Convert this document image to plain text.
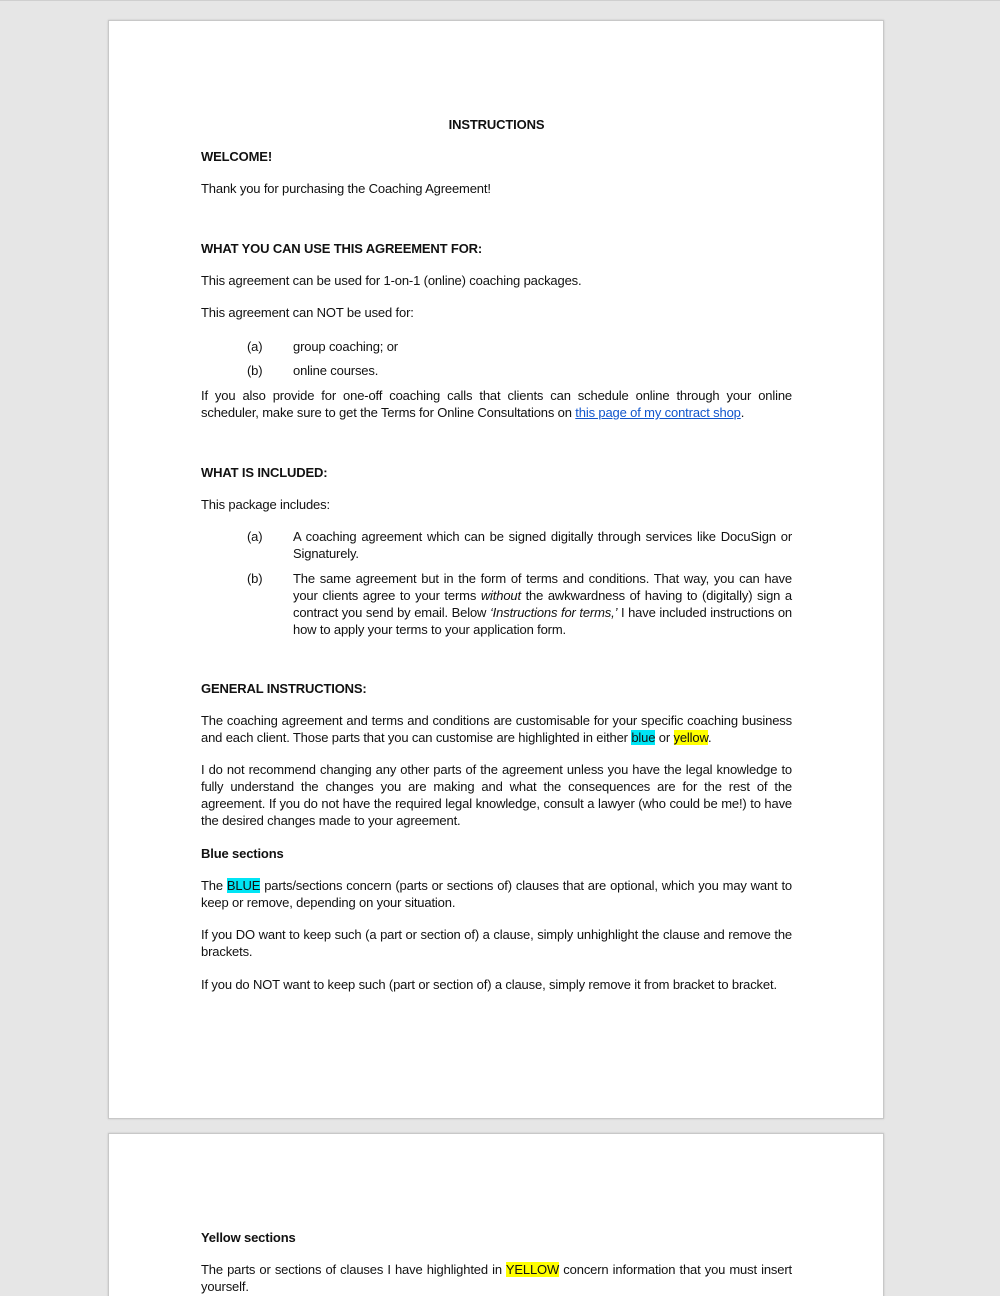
INSTRUCTIONS

WELCOME!

Thank you for purchasing the Coaching Agreement!

WHAT YOU CAN USE THIS AGREEMENT FOR:

This agreement can be used for 1-on-1 (online) coaching packages.

This agreement can NOT be used for:

(a)	group coaching; or
(b)	online courses.

If you also provide for one-off coaching calls that clients can schedule online through your online scheduler, make sure to get the Terms for Online Consultations on this page of my contract shop.

WHAT IS INCLUDED:

This package includes:

(a)	A coaching agreement which can be signed digitally through services like DocuSign or Signaturely.
(b)	The same agreement but in the form of terms and conditions. That way, you can have your clients agree to your terms without the awkwardness of having to (digitally) sign a contract you send by email. Below ‘Instructions for terms,’ I have included instructions on how to apply your terms to your application form.

GENERAL INSTRUCTIONS:

The coaching agreement and terms and conditions are customisable for your specific coaching business and each client. Those parts that you can customise are highlighted in either blue or yellow.

I do not recommend changing any other parts of the agreement unless you have the legal knowledge to fully understand the changes you are making and what the consequences are for the rest of the agreement. If you do not have the required legal knowledge, consult a lawyer (who could be me!) to have the desired changes made to your agreement.

Blue sections

The BLUE parts/sections concern (parts or sections of) clauses that are optional, which you may want to keep or remove, depending on your situation.

If you DO want to keep such (a part or section of) a clause, simply unhighlight the clause and remove the brackets.

If you do NOT want to keep such (part or section of) a clause, simply remove it from bracket to bracket.

Yellow sections

The parts or sections of clauses I have highlighted in YELLOW concern information that you must insert yourself.
